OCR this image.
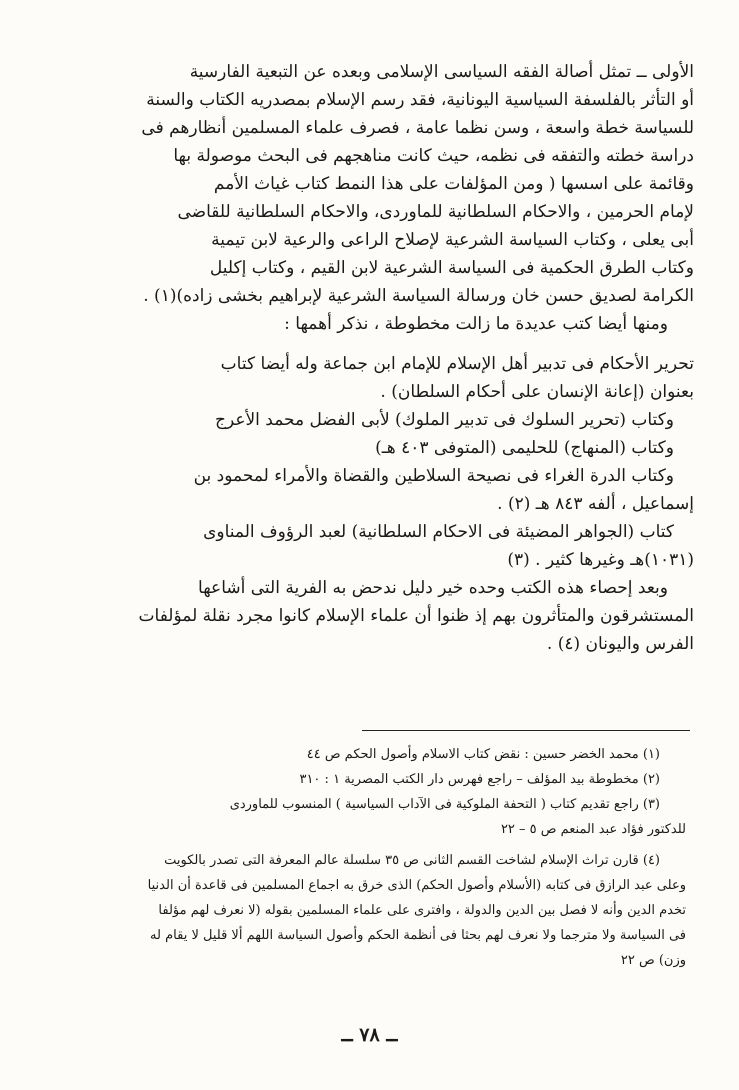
الأولى ــ تمثل أصالة الفقه السياسى الإسلامى وبعده عن التبعية الفارسية
أو التأثر بالفلسفة السياسية اليونانية، فقد رسم الإسلام بمصدريه الكتاب والسنة
للسياسة خطة واسعة ، وسن نظما عامة ، فصرف علماء المسلمين أنظارهم فى
دراسة خطته والتفقه فى نظمه، حيث كانت مناهجهم فى البحث موصولة بها
وقائمة على اسسها ( ومن المؤلفات على هذا النمط كتاب غياث الأمم
لإمام الحرمين ، والاحكام السلطانية للماوردى، والاحكام السلطانية للقاضى
أبى يعلى ، وكتاب السياسة الشرعية لإصلاح الراعى والرعية لابن تيمية
وكتاب الطرق الحكمية فى السياسة الشرعية لابن القيم ، وكتاب إكليل
الكرامة لصديق حسن خان ورسالة السياسة الشرعية لإبراهيم بخشى زاده)(١) .
ومنها أيضا كتب عديدة ما زالت مخطوطة ، نذكر أهمها :
تحرير الأحكام فى تدبير أهل الإسلام للإمام ابن جماعة وله أيضا كتاب
بعنوان (إعانة الإنسان على أحكام السلطان) .
وكتاب (تحرير السلوك فى تدبير الملوك) لأبى الفضل محمد الأعرج
وكتاب (المنهاج) للحليمى (المتوفى ٤٠٣ هـ)
وكتاب الدرة الغراء فى نصيحة السلاطين والقضاة والأمراء لمحمود بن
إسماعيل ، ألفه ٨٤٣ هـ (٢) .
كتاب (الجواهر المضيئة فى الاحكام السلطانية) لعبد الرؤوف المناوى
(١٠٣١)هـ وغيرها كثير . (٣)
وبعد إحصاء هذه الكتب وحده خير دليل ندحض به الفرية التى أشاعها
المستشرقون والمتأثرون بهم إذ ظنوا أن علماء الإسلام كانوا مجرد نقلة لمؤلفات
الفرس واليونان (٤) .
(١) محمد الخضر حسين : نقض كتاب الاسلام وأصول الحكم ص ٤٤
(٢) مخطوطة بيد المؤلف – راجع فهرس دار الكتب المصرية ١ : ٣١٠
(٣) راجع تقديم كتاب ( التحفة الملوكية فى الآداب السياسية ) المنسوب للماوردى
للدكتور فؤاد عبد المنعم ص ٥ – ٢٢
(٤) قارن تراث الإسلام لشاخت القسم الثانى ص ٣٥ سلسلة عالم المعرفة التى تصدر بالكويت
وعلى عبد الرازق فى كتابه (الأسلام وأصول الحكم) الذى خرق به اجماع المسلمين فى قاعدة أن الدنيا
تخدم الدين وأنه لا فصل بين الدين والدولة ، وافترى على علماء المسلمين بقوله (لا نعرف لهم مؤلفا
فى السياسة ولا مترجما ولا نعرف لهم بحثا فى أنظمة الحكم وأصول السياسة اللهم ألا قليل لا يقام له
وزن) ص ٢٢
ــ ٧٨ ــ
